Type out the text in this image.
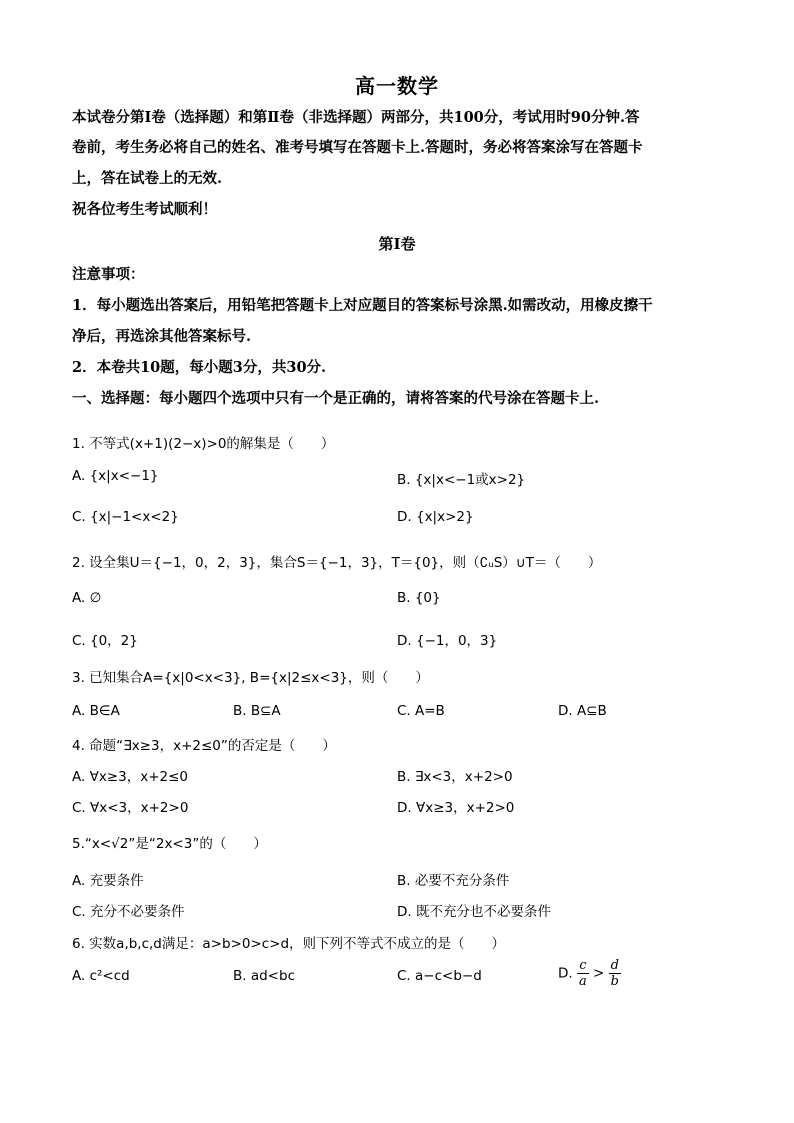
高一数学
本试卷分第Ⅰ卷（选择题）和第Ⅱ卷（非选择题）两部分，共100分，考试用时90分钟.答
卷前，考生务必将自己的姓名、准考号填写在答题卡上.答题时，务必将答案涂写在答题卡
上，答在试卷上的无效.
祝各位考生考试顺利！
第Ⅰ卷
注意事项：
1．每小题选出答案后，用铅笔把答题卡上对应题目的答案标号涂黑.如需改动，用橡皮擦干
净后，再选涂其他答案标号.
2．本卷共10题，每小题3分，共30分.
一、选择题：每小题四个选项中只有一个是正确的，请将答案的代号涂在答题卡上.
1. 不等式(x+1)(2−x)>0的解集是（　　）
A. {x|x<−1}	B. {x|x<−1或x>2}
C. {x|−1<x<2}	D. {x|x>2}
2. 设全集U＝{−1，0，2，3}，集合S＝{−1，3}，T＝{0}，则（∁ᵤS）∪T＝（　　）
A. ∅	B. {0}
C. {0，2}	D. {−1，0，3}
3. 已知集合A={x|0<x<3}, B={x|2≤x<3}，则（　　）
A. B∈A	B. B⊆A	C. A=B	D. A⊆B
4. 命题“∃x≥3，x+2≤0”的否定是（　　）
A. ∀x≥3，x+2≤0	B. ∃x<3，x+2>0
C. ∀x<3，x+2>0	D. ∀x≥3，x+2>0
5.“x<√2”是“2x<3”的（　　）
A. 充要条件	B. 必要不充分条件
C. 充分不必要条件	D. 既不充分也不必要条件
6. 实数a,b,c,d满足：a>b>0>c>d，则下列不等式不成立的是（　　）
A. c²<cd	B. ad<bc	C. a−c<b−d	D. $\frac{c}{a} > \frac{d}{b}$
